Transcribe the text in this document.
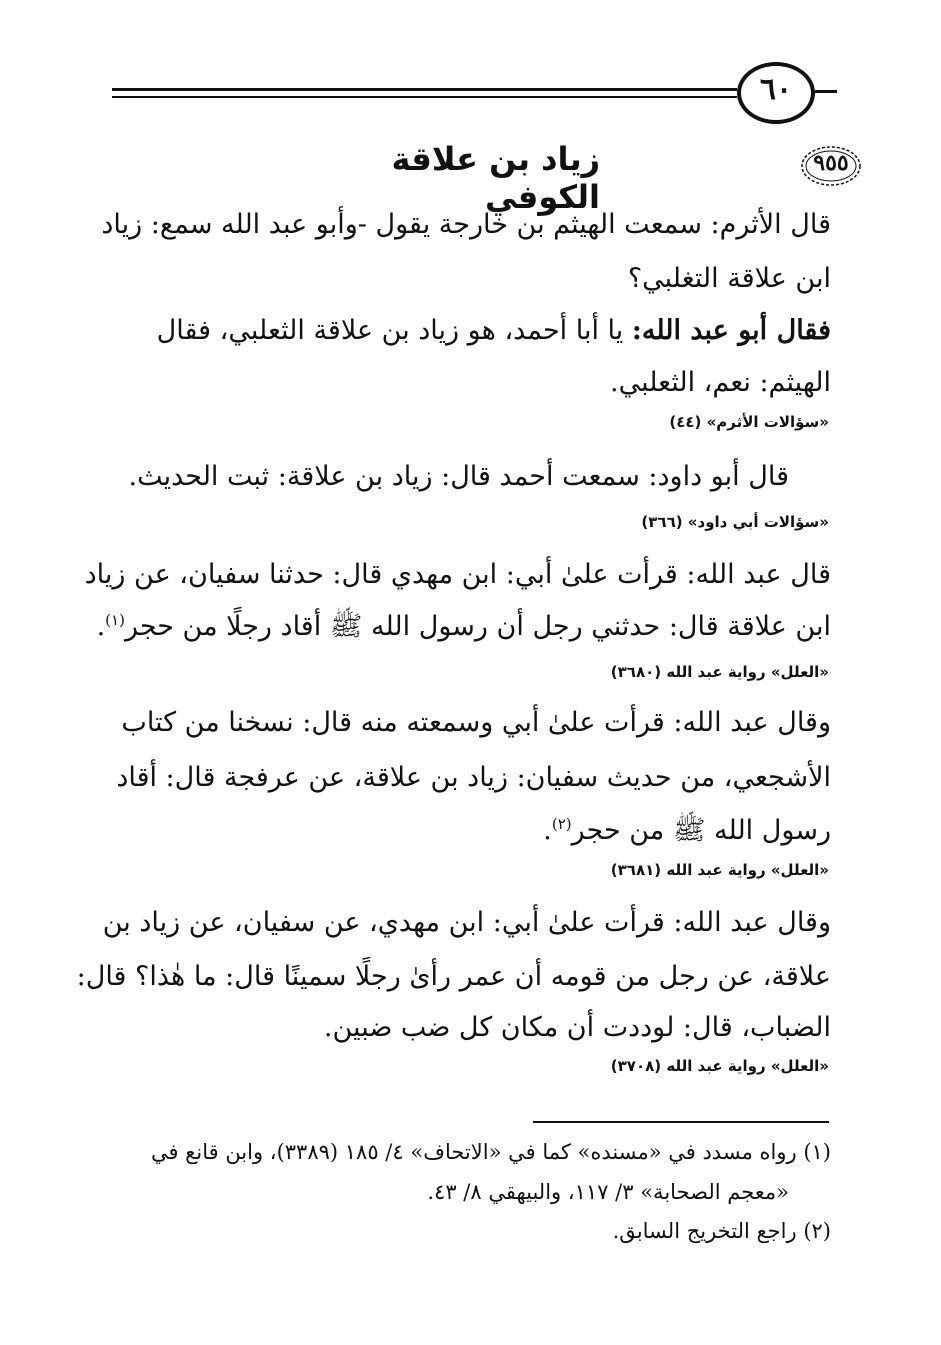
٦٠
٩٥٥
زياد بن علاقة الكوفي
قال الأثرم: سمعت الهيثم بن خارجة يقول -وأبو عبد الله سمع: زياد
ابن علاقة التغلبي؟
فقال أبو عبد الله: يا أبا أحمد، هو زياد بن علاقة الثعلبي، فقال
الهيثم: نعم، الثعلبي.
«سؤالات الأثرم» (٤٤)
قال أبو داود: سمعت أحمد قال: زياد بن علاقة: ثبت الحديث.
«سؤالات أبي داود» (٣٦٦)
قال عبد الله: قرأت علىٰ أبي: ابن مهدي قال: حدثنا سفيان، عن زياد
ابن علاقة قال: حدثني رجل أن رسول الله ﷺ أقاد رجلًا من حجر$^{(١)}$.
«العلل» رواية عبد الله (٣٦٨٠)
وقال عبد الله: قرأت علىٰ أبي وسمعته منه قال: نسخنا من كتاب
الأشجعي، من حديث سفيان: زياد بن علاقة، عن عرفجة قال: أقاد
رسول الله ﷺ من حجر$^{(٢)}$.
«العلل» رواية عبد الله (٣٦٨١)
وقال عبد الله: قرأت علىٰ أبي: ابن مهدي، عن سفيان، عن زياد بن
علاقة، عن رجل من قومه أن عمر رأىٰ رجلًا سمينًا قال: ما هٰذا؟ قال:
الضباب، قال: لوددت أن مكان كل ضب ضبين.
«العلل» رواية عبد الله (٣٧٠٨)
(١) رواه مسدد في «مسنده» كما في «الاتحاف» ٤/ ١٨٥ (٣٣٨٩)، وابن قانع في
«معجم الصحابة» ٣/ ١١٧، والبيهقي ٨/ ٤٣.
(٢) راجع التخريج السابق.
